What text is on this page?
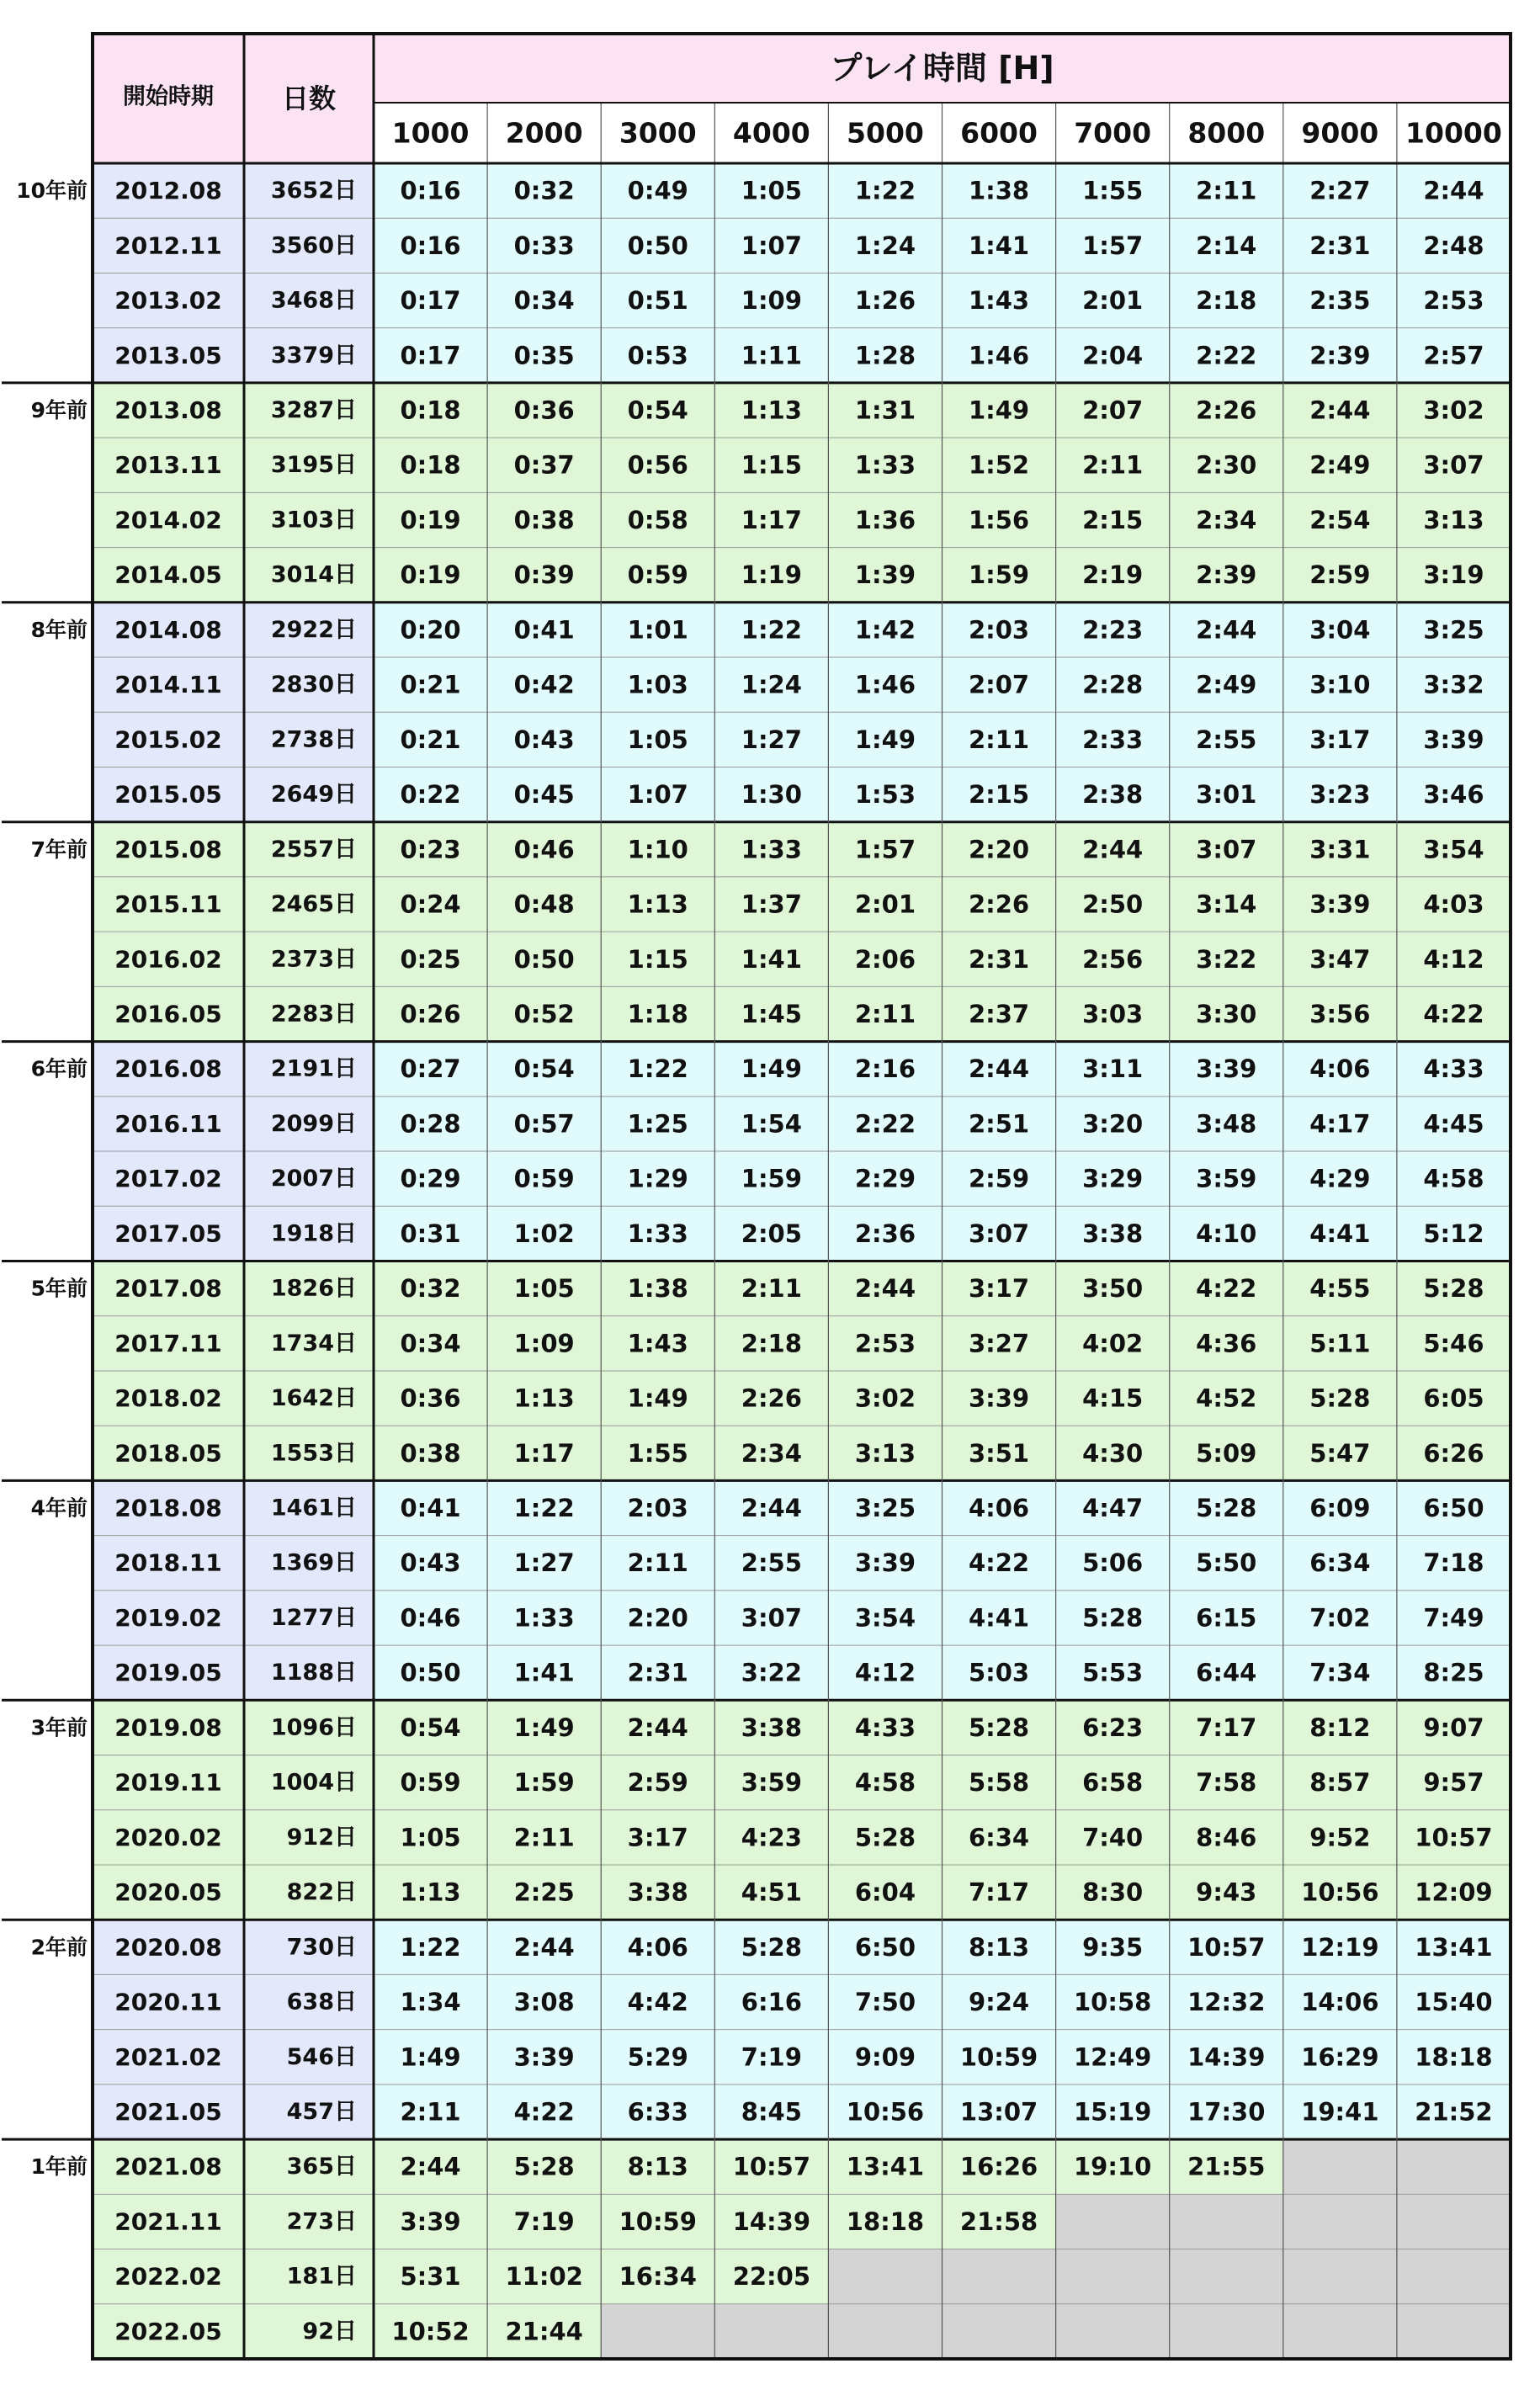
開始時期	日数
プレイ時間 [H]
1000 2000 3000 4000 5000 6000 7000 8000 9000 10000
10年前 2012.08 3652日 0:16 0:32 0:49 1:05 1:22 1:38 1:55 2:11 2:27 2:44
2012.11 3560日 0:16 0:33 0:50 1:07 1:24 1:41 1:57 2:14 2:31 2:48
2013.02 3468日 0:17 0:34 0:51 1:09 1:26 1:43 2:01 2:18 2:35 2:53
2013.05 3379日 0:17 0:35 0:53 1:11 1:28 1:46 2:04 2:22 2:39 2:57
9年前 2013.08 3287日 0:18 0:36 0:54 1:13 1:31 1:49 2:07 2:26 2:44 3:02
2013.11 3195日 0:18 0:37 0:56 1:15 1:33 1:52 2:11 2:30 2:49 3:07
2014.02 3103日 0:19 0:38 0:58 1:17 1:36 1:56 2:15 2:34 2:54 3:13
2014.05 3014日 0:19 0:39 0:59 1:19 1:39 1:59 2:19 2:39 2:59 3:19
8年前 2014.08 2922日 0:20 0:41 1:01 1:22 1:42 2:03 2:23 2:44 3:04 3:25
2014.11 2830日 0:21 0:42 1:03 1:24 1:46 2:07 2:28 2:49 3:10 3:32
2015.02 2738日 0:21 0:43 1:05 1:27 1:49 2:11 2:33 2:55 3:17 3:39
2015.05 2649日 0:22 0:45 1:07 1:30 1:53 2:15 2:38 3:01 3:23 3:46
7年前 2015.08 2557日 0:23 0:46 1:10 1:33 1:57 2:20 2:44 3:07 3:31 3:54
2015.11 2465日 0:24 0:48 1:13 1:37 2:01 2:26 2:50 3:14 3:39 4:03
2016.02 2373日 0:25 0:50 1:15 1:41 2:06 2:31 2:56 3:22 3:47 4:12
2016.05 2283日 0:26 0:52 1:18 1:45 2:11 2:37 3:03 3:30 3:56 4:22
6年前 2016.08 2191日 0:27 0:54 1:22 1:49 2:16 2:44 3:11 3:39 4:06 4:33
2016.11 2099日 0:28 0:57 1:25 1:54 2:22 2:51 3:20 3:48 4:17 4:45
2017.02 2007日 0:29 0:59 1:29 1:59 2:29 2:59 3:29 3:59 4:29 4:58
2017.05 1918日 0:31 1:02 1:33 2:05 2:36 3:07 3:38 4:10 4:41 5:12
5年前 2017.08 1826日 0:32 1:05 1:38 2:11 2:44 3:17 3:50 4:22 4:55 5:28
2017.11 1734日 0:34 1:09 1:43 2:18 2:53 3:27 4:02 4:36 5:11 5:46
2018.02 1642日 0:36 1:13 1:49 2:26 3:02 3:39 4:15 4:52 5:28 6:05
2018.05 1553日 0:38 1:17 1:55 2:34 3:13 3:51 4:30 5:09 5:47 6:26
4年前 2018.08 1461日 0:41 1:22 2:03 2:44 3:25 4:06 4:47 5:28 6:09 6:50
2018.11 1369日 0:43 1:27 2:11 2:55 3:39 4:22 5:06 5:50 6:34 7:18
2019.02 1277日 0:46 1:33 2:20 3:07 3:54 4:41 5:28 6:15 7:02 7:49
2019.05 1188日 0:50 1:41 2:31 3:22 4:12 5:03 5:53 6:44 7:34 8:25
3年前 2019.08 1096日 0:54 1:49 2:44 3:38 4:33 5:28 6:23 7:17 8:12 9:07
2019.11 1004日 0:59 1:59 2:59 3:59 4:58 5:58 6:58 7:58 8:57 9:57
2020.02	912日 1:05 2:11 3:17 4:23 5:28 6:34 7:40 8:46 9:52 10:57
2020.05	822日 1:13 2:25 3:38 4:51 6:04 7:17 8:30 9:43 10:56 12:09
2年前 2020.08	730日 1:22 2:44 4:06 5:28 6:50 8:13 9:35 10:57 12:19 13:41
2020.11	638日 1:34 3:08 4:42 6:16 7:50 9:24 10:58 12:32 14:06 15:40
2021.02	546日 1:49 3:39 5:29 7:19 9:09 10:59 12:49 14:39 16:29 18:18
2021.05	457日 2:11 4:22 6:33 8:45 10:56 13:07 15:19 17:30 19:41 21:52
1年前 2021.08	365日 2:44 5:28 8:13 10:57 13:41 16:26 19:10 21:55
2021.11	273日 3:39 7:19 10:59 14:39 18:18 21:58
2022.02	181日 5:31 11:02 16:34 22:05
2022.05	92日 10:52 21:44
